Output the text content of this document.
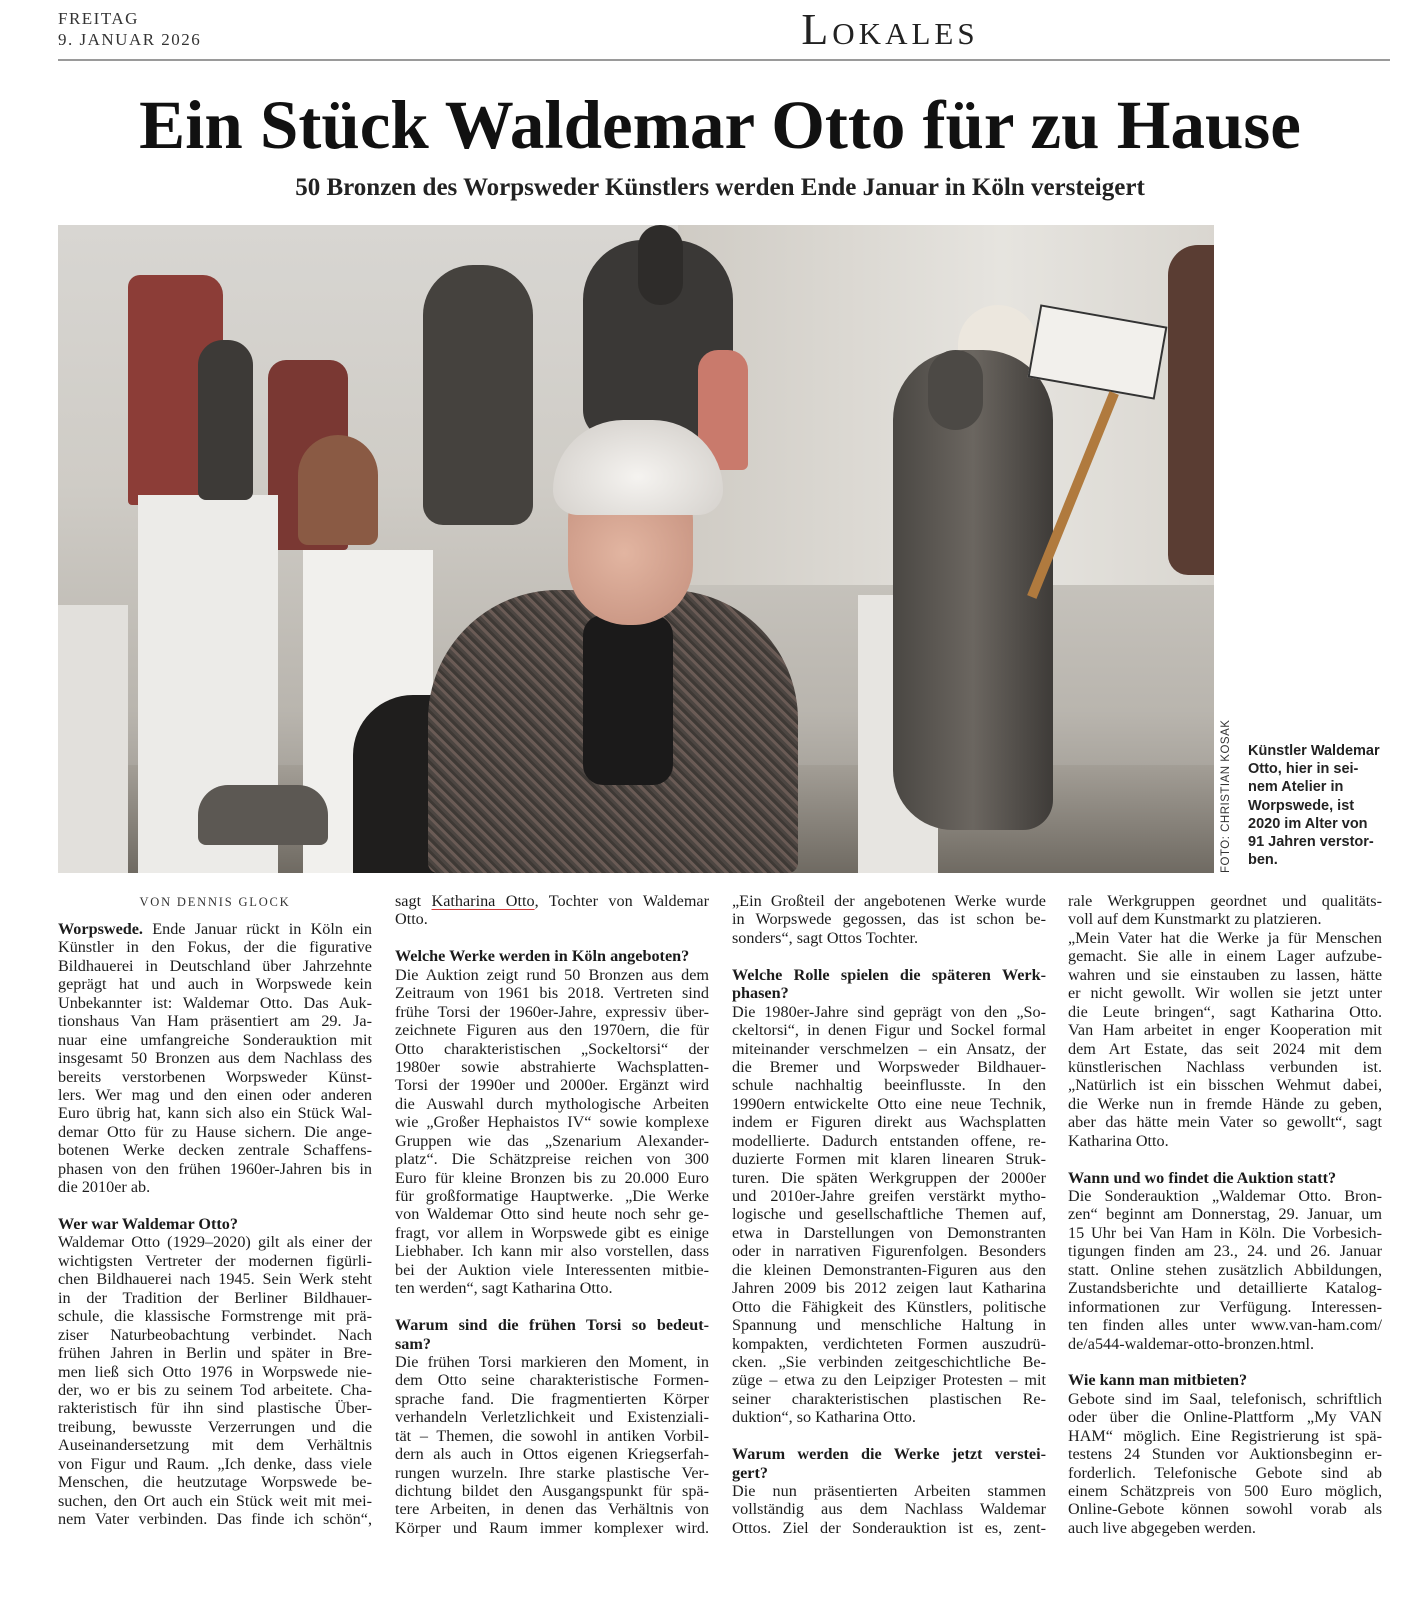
FREITAG
9. JANUAR 2026	Lokales
Ein Stück Waldemar Otto für zu Hause
50 Bronzen des Worpsweder Künstlers werden Ende Januar in Köln versteigert
FOTO: CHRISTIAN KOSAK Künstler Waldemar
Otto, hier in sei-
nem Atelier in
Worpswede, ist
2020 im Alter von
91 Jahren verstor-
ben.
VON DENNIS GLOCK
Worpswede. Ende Januar rückt in Köln ein
Künstler in den Fokus, der die figurative
Bildhauerei in Deutschland über Jahrzehnte
geprägt hat und auch in Worpswede kein
Unbekannter ist: Waldemar Otto. Das Auk-
tionshaus Van Ham präsentiert am 29. Ja-
nuar eine umfangreiche Sonderauktion mit
insgesamt 50 Bronzen aus dem Nachlass des
bereits verstorbenen Worpsweder Künst-
lers. Wer mag und den einen oder anderen
Euro übrig hat, kann sich also ein Stück Wal-
demar Otto für zu Hause sichern. Die ange-
botenen Werke decken zentrale Schaffens-
phasen von den frühen 1960er-Jahren bis in
die 2010er ab.
Wer war Waldemar Otto?
Waldemar Otto (1929–2020) gilt als einer der
wichtigsten Vertreter der modernen figürli-
chen Bildhauerei nach 1945. Sein Werk steht
in der Tradition der Berliner Bildhauer-
schule, die klassische Formstrenge mit prä-
ziser Naturbeobachtung verbindet. Nach
frühen Jahren in Berlin und später in Bre-
men ließ sich Otto 1976 in Worpswede nie-
der, wo er bis zu seinem Tod arbeitete. Cha-
rakteristisch für ihn sind plastische Über-
treibung, bewusste Verzerrungen und die
Auseinandersetzung mit dem Verhältnis
von Figur und Raum. „Ich denke, dass viele
Menschen, die heutzutage Worpswede be-
suchen, den Ort auch ein Stück weit mit mei-
nem Vater verbinden. Das finde ich schön“,
sagt Katharina Otto, Tochter von Waldemar
Otto.
Welche Werke werden in Köln angeboten?
Die Auktion zeigt rund 50 Bronzen aus dem
Zeitraum von 1961 bis 2018. Vertreten sind
frühe Torsi der 1960er-Jahre, expressiv über-
zeichnete Figuren aus den 1970ern, die für
Otto charakteristischen „Sockeltorsi“ der
1980er sowie abstrahierte Wachsplatten-
Torsi der 1990er und 2000er. Ergänzt wird
die Auswahl durch mythologische Arbeiten
wie „Großer Hephaistos IV“ sowie komplexe
Gruppen wie das „Szenarium Alexander-
platz“. Die Schätzpreise reichen von 300
Euro für kleine Bronzen bis zu 20.000 Euro
für großformatige Hauptwerke. „Die Werke
von Waldemar Otto sind heute noch sehr ge-
fragt, vor allem in Worpswede gibt es einige
Liebhaber. Ich kann mir also vorstellen, dass
bei der Auktion viele Interessenten mitbie-
ten werden“, sagt Katharina Otto.
Warum sind die frühen Torsi so bedeut-
sam?
Die frühen Torsi markieren den Moment, in
dem Otto seine charakteristische Formen-
sprache fand. Die fragmentierten Körper
verhandeln Verletzlichkeit und Existenziali-
tät – Themen, die sowohl in antiken Vorbil-
dern als auch in Ottos eigenen Kriegserfah-
rungen wurzeln. Ihre starke plastische Ver-
dichtung bildet den Ausgangspunkt für spä-
tere Arbeiten, in denen das Verhältnis von
Körper und Raum immer komplexer wird.
„Ein Großteil der angebotenen Werke wurde
in Worpswede gegossen, das ist schon be-
sonders“, sagt Ottos Tochter.
Welche Rolle spielen die späteren Werk-
phasen?
Die 1980er-Jahre sind geprägt von den „So-
ckeltorsi“, in denen Figur und Sockel formal
miteinander verschmelzen – ein Ansatz, der
die Bremer und Worpsweder Bildhauer-
schule nachhaltig beeinflusste. In den
1990ern entwickelte Otto eine neue Technik,
indem er Figuren direkt aus Wachsplatten
modellierte. Dadurch entstanden offene, re-
duzierte Formen mit klaren linearen Struk-
turen. Die späten Werkgruppen der 2000er
und 2010er-Jahre greifen verstärkt mytho-
logische und gesellschaftliche Themen auf,
etwa in Darstellungen von Demonstranten
oder in narrativen Figurenfolgen. Besonders
die kleinen Demonstranten-Figuren aus den
Jahren 2009 bis 2012 zeigen laut Katharina
Otto die Fähigkeit des Künstlers, politische
Spannung und menschliche Haltung in
kompakten, verdichteten Formen auszudrü-
cken. „Sie verbinden zeitgeschichtliche Be-
züge – etwa zu den Leipziger Protesten – mit
seiner charakteristischen plastischen Re-
duktion“, so Katharina Otto.
Warum werden die Werke jetzt verstei-
gert?
Die nun präsentierten Arbeiten stammen
vollständig aus dem Nachlass Waldemar
Ottos. Ziel der Sonderauktion ist es, zent-
rale Werkgruppen geordnet und qualitäts-
voll auf dem Kunstmarkt zu platzieren.
„Mein Vater hat die Werke ja für Menschen
gemacht. Sie alle in einem Lager aufzube-
wahren und sie einstauben zu lassen, hätte
er nicht gewollt. Wir wollen sie jetzt unter
die Leute bringen“, sagt Katharina Otto.
Van Ham arbeitet in enger Kooperation mit
dem Art Estate, das seit 2024 mit dem
künstlerischen Nachlass verbunden ist.
„Natürlich ist ein bisschen Wehmut dabei,
die Werke nun in fremde Hände zu geben,
aber das hätte mein Vater so gewollt“, sagt
Katharina Otto.
Wann und wo findet die Auktion statt?
Die Sonderauktion „Waldemar Otto. Bron-
zen“ beginnt am Donnerstag, 29. Januar, um
15 Uhr bei Van Ham in Köln. Die Vorbesich-
tigungen finden am 23., 24. und 26. Januar
statt. Online stehen zusätzlich Abbildungen,
Zustandsberichte und detaillierte Katalog-
informationen zur Verfügung. Interessen-
ten finden alles unter www.van-ham.com/
de/a544-waldemar-otto-bronzen.html.
Wie kann man mitbieten?
Gebote sind im Saal, telefonisch, schriftlich
oder über die Online-Plattform „My VAN
HAM“ möglich. Eine Registrierung ist spä-
testens 24 Stunden vor Auktionsbeginn er-
forderlich. Telefonische Gebote sind ab
einem Schätzpreis von 500 Euro möglich,
Online-Gebote können sowohl vorab als
auch live abgegeben werden.
